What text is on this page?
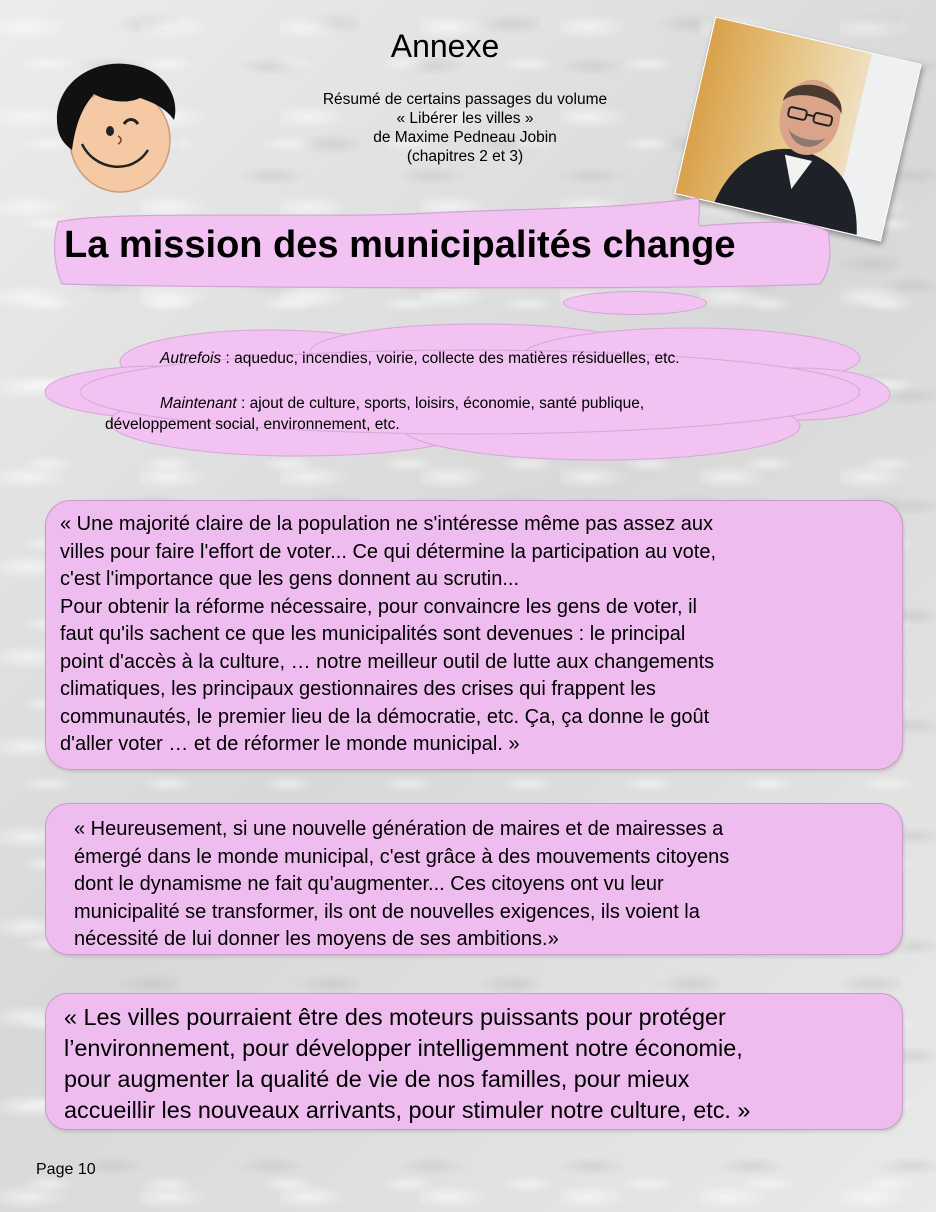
Annexe
Résumé de certains passages du volume
« Libérer les villes »
de Maxime Pedneau Jobin
(chapitres 2 et 3)
La mission des municipalités change
Autrefois : aqueduc, incendies, voirie, collecte des matières résiduelles, etc.
Maintenant : ajout de culture, sports, loisirs, économie, santé publique,
développement social, environnement, etc.
« Une majorité claire de la population ne s'intéresse même pas assez aux
villes pour faire l'effort de voter... Ce qui détermine la participation au vote,
c'est l'importance que les gens donnent au scrutin...
Pour obtenir la réforme nécessaire, pour convaincre les gens de voter, il
faut qu'ils sachent ce que les municipalités sont devenues : le principal
point d'accès à la culture, … notre meilleur outil de lutte aux changements
climatiques, les principaux gestionnaires des crises qui frappent les
communautés, le premier lieu de la démocratie, etc. Ça, ça donne le goût
d'aller voter … et de réformer le monde municipal. »
« Heureusement, si une nouvelle génération de maires et de mairesses a
émergé dans le monde municipal, c'est grâce à des mouvements citoyens
dont le dynamisme ne fait qu'augmenter... Ces citoyens ont vu leur
municipalité se transformer, ils ont de nouvelles exigences, ils voient la
nécessité de lui donner les moyens de ses ambitions.»
« Les villes pourraient être des moteurs puissants pour protéger
l’environnement, pour développer intelligemment notre économie,
pour augmenter la qualité de vie de nos familles, pour mieux
accueillir les nouveaux arrivants, pour stimuler notre culture, etc. »
Page 10
